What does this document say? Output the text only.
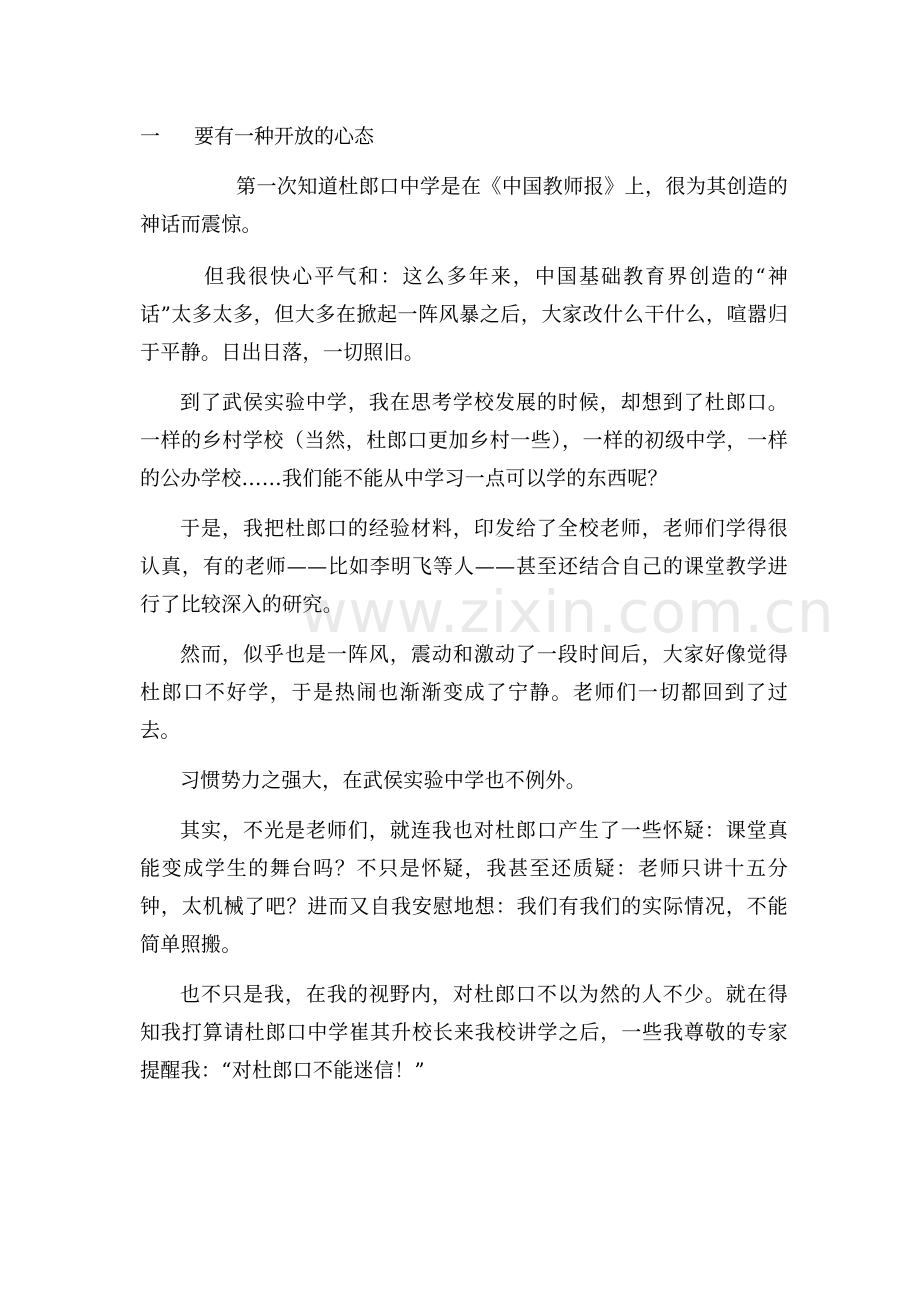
一 要有一种开放的心态

第一次知道杜郎口中学是在《中国教师报》上，很为其创造的神话而震惊。

但我很快心平气和：这么多年来，中国基础教育界创造的“神话”太多太多，但大多在掀起一阵风暴之后，大家改什么干什么，喧嚣归于平静。日出日落，一切照旧。

到了武侯实验中学，我在思考学校发展的时候，却想到了杜郎口。一样的乡村学校（当然，杜郎口更加乡村一些），一样的初级中学，一样的公办学校……我们能不能从中学习一点可以学的东西呢？

于是，我把杜郎口的经验材料，印发给了全校老师，老师们学得很认真，有的老师——比如李明飞等人——甚至还结合自己的课堂教学进行了比较深入的研究。

然而，似乎也是一阵风，震动和激动了一段时间后，大家好像觉得杜郎口不好学，于是热闹也渐渐变成了宁静。老师们一切都回到了过去。

习惯势力之强大，在武侯实验中学也不例外。

其实，不光是老师们，就连我也对杜郎口产生了一些怀疑：课堂真能变成学生的舞台吗？不只是怀疑，我甚至还质疑：老师只讲十五分钟，太机械了吧？进而又自我安慰地想：我们有我们的实际情况，不能简单照搬。

也不只是我，在我的视野内，对杜郎口不以为然的人不少。就在得知我打算请杜郎口中学崔其升校长来我校讲学之后，一些我尊敬的专家提醒我：“对杜郎口不能迷信！”

www.zixin.com.cn
